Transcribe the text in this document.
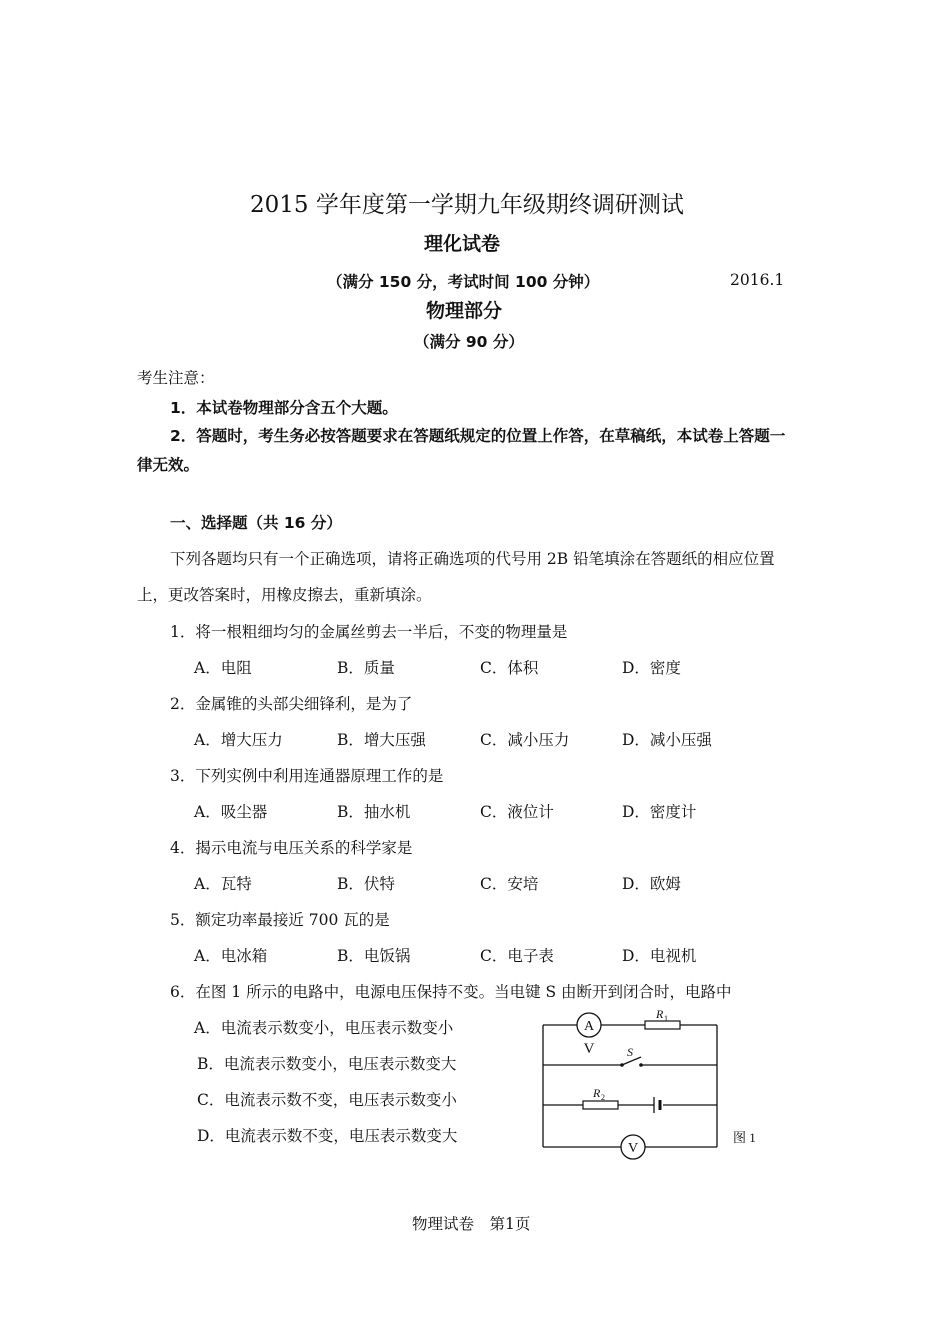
2015 学年度第一学期九年级期终调研测试
理化试卷
（满分 150 分，考试时间 100 分钟）	2016.1
物理部分
（满分 90 分）
考生注意：
1．本试卷物理部分含五个大题。
2．答题时，考生务必按答题要求在答题纸规定的位置上作答，在草稿纸，本试卷上答题一
律无效。
一、选择题（共 16 分）
下列各题均只有一个正确选项，请将正确选项的代号用 2B 铅笔填涂在答题纸的相应位置
上，更改答案时，用橡皮擦去，重新填涂。
1．将一根粗细均匀的金属丝剪去一半后，不变的物理量是
A．电阻	B．质量	C．体积	D．密度
2．金属锥的头部尖细锋利，是为了
A．增大压力	B．增大压强	C．减小压力	D．减小压强
3．下列实例中利用连通器原理工作的是
A．吸尘器	B．抽水机	C．液位计	D．密度计
4．揭示电流与电压关系的科学家是
A．瓦特	B．伏特	C．安培	D．欧姆
5．额定功率最接近 700 瓦的是
A．电冰箱	B．电饭锅	C．电子表	D．电视机
6．在图 1 所示的电路中，电源电压保持不变。当电键 S 由断开到闭合时，电路中
A．电流表示数变小，电压表示数变小
B．电流表示数变小，电压表示数变大
C．电流表示数不变，电压表示数变小
D．电流表示数不变，电压表示数变大
A
V
R 1
S
R 2
V
图 1
物理试卷　第1页
